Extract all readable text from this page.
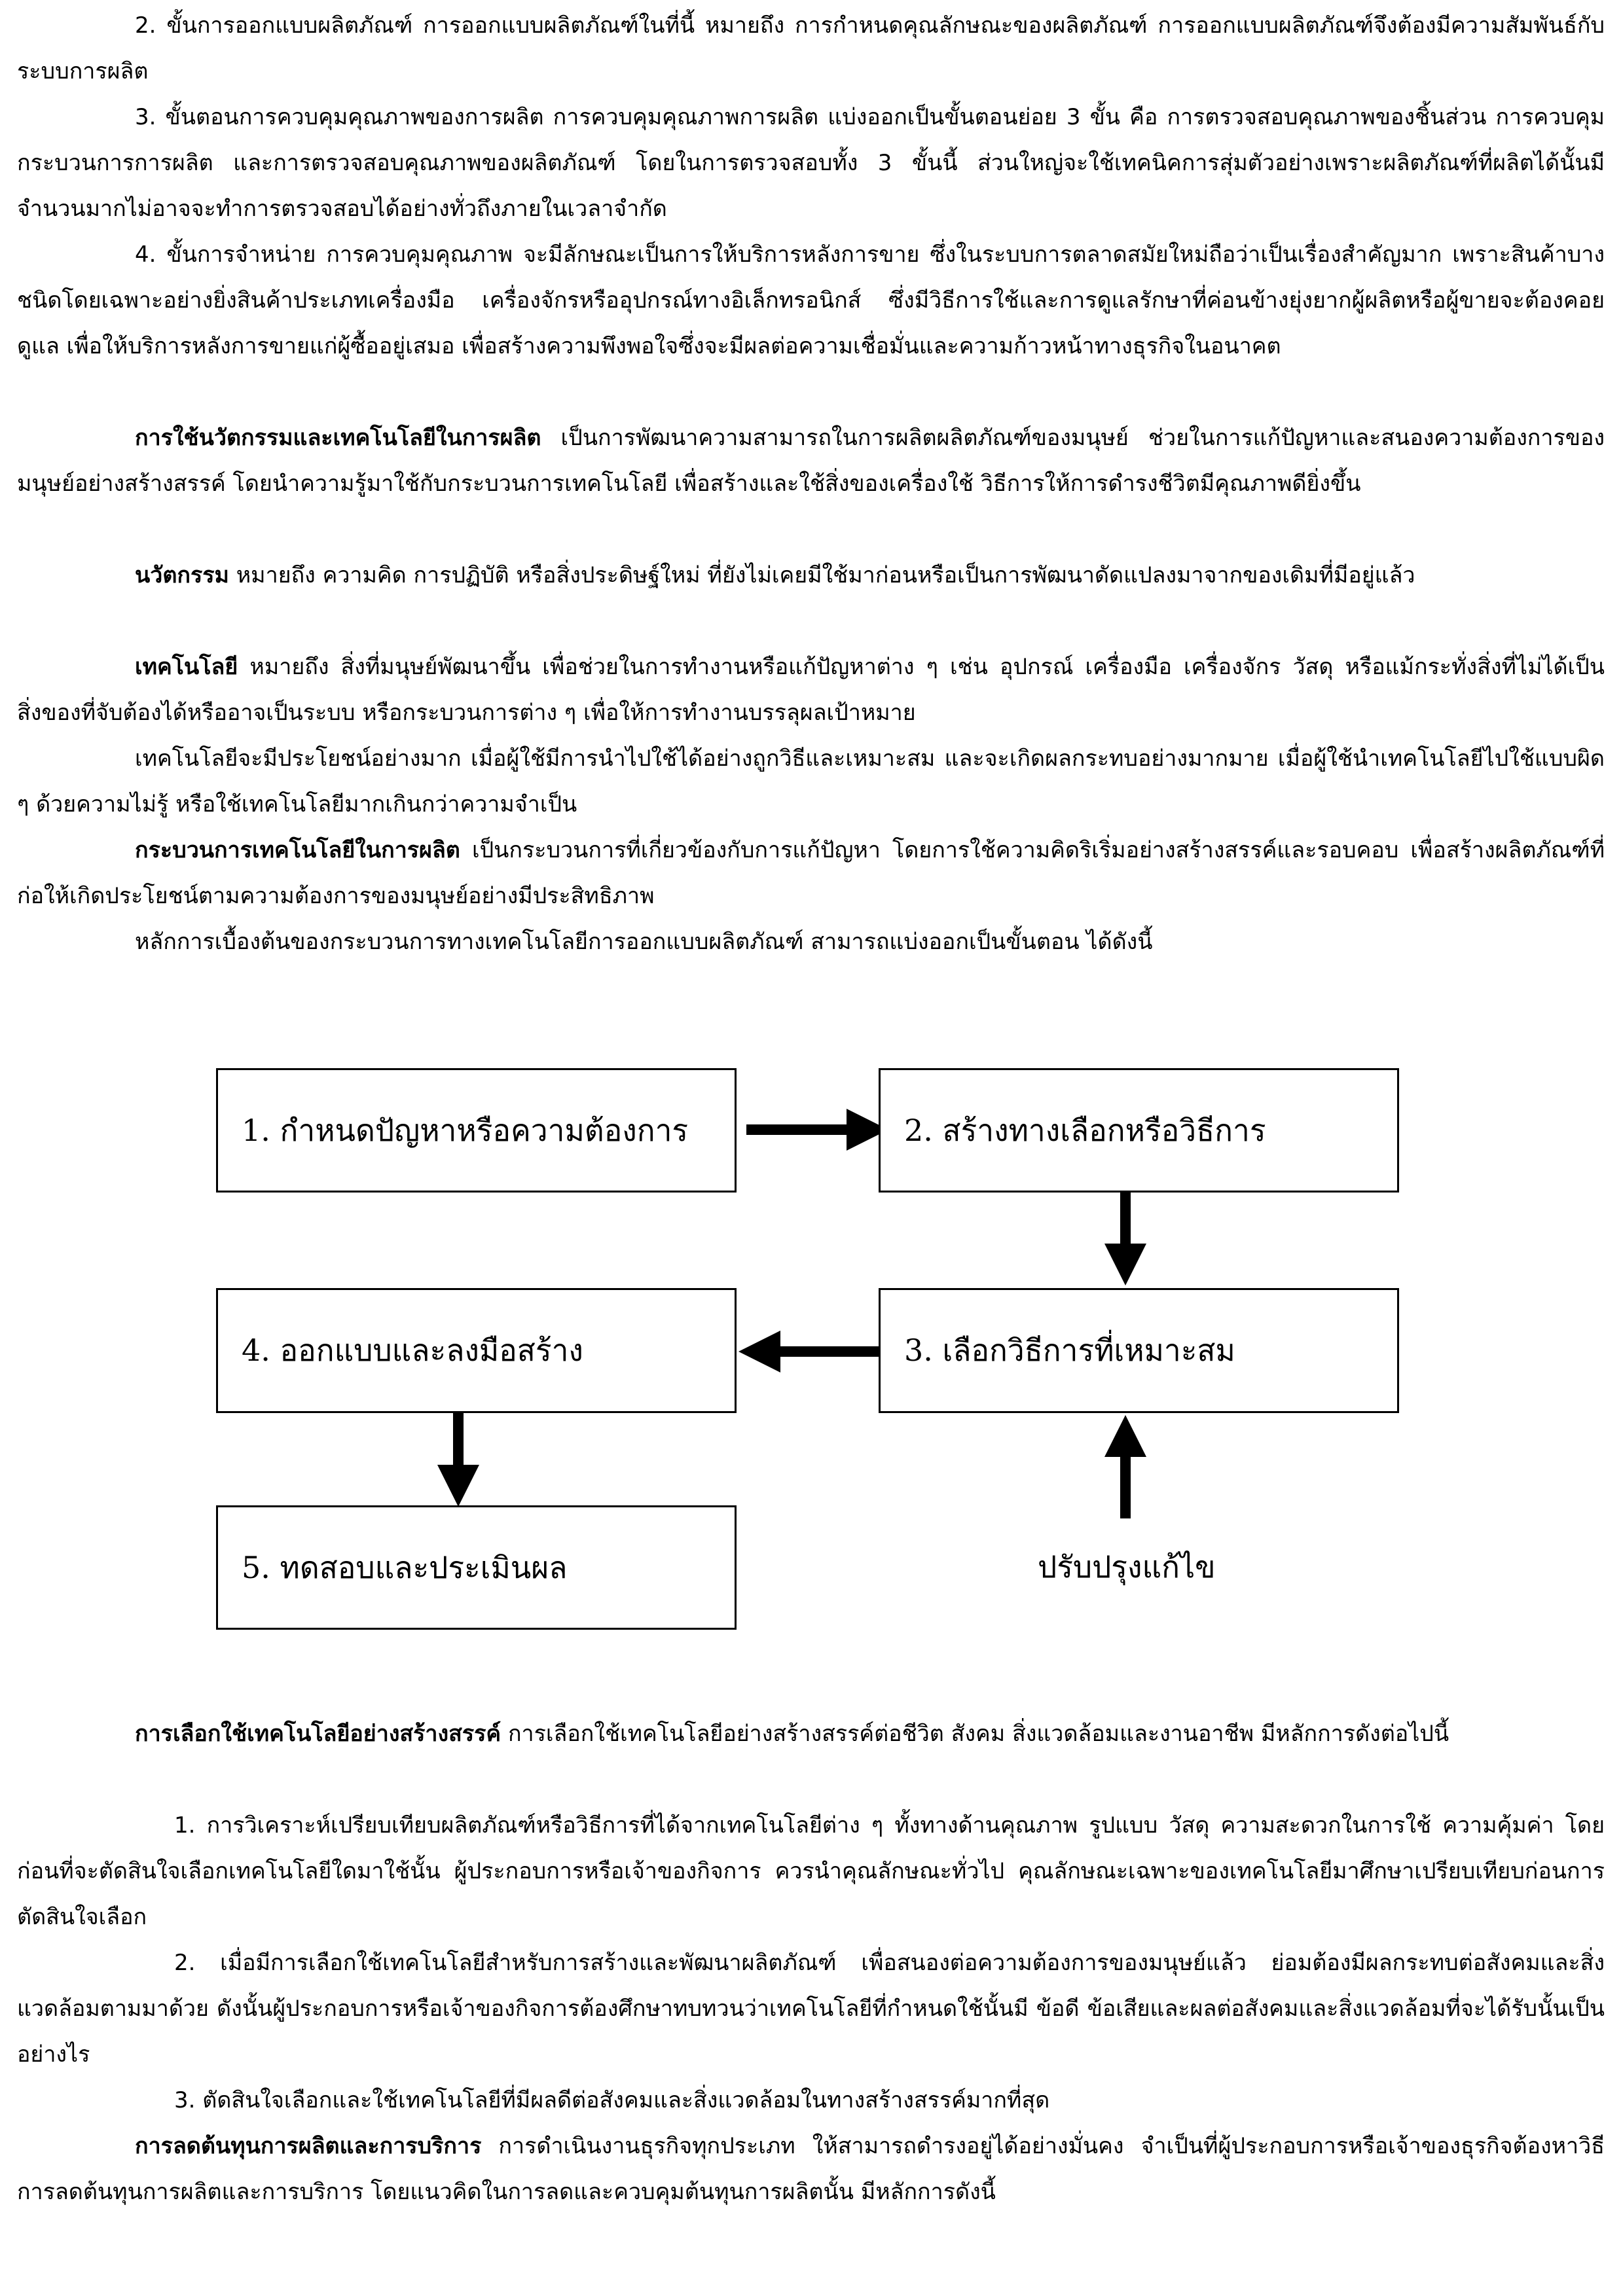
2. ขั้นการออกแบบผลิตภัณฑ์ การออกแบบผลิตภัณฑ์ในที่นี้ หมายถึง การกำหนดคุณลักษณะของผลิตภัณฑ์ การออกแบบผลิตภัณฑ์จึงต้องมีความสัมพันธ์กับระบบการผลิต

3. ขั้นตอนการควบคุมคุณภาพของการผลิต การควบคุมคุณภาพการผลิต แบ่งออกเป็นขั้นตอนย่อย 3 ขั้น คือ การตรวจสอบคุณภาพของชิ้นส่วน การควบคุมกระบวนการการผลิต และการตรวจสอบคุณภาพของผลิตภัณฑ์ โดยในการตรวจสอบทั้ง 3 ขั้นนี้ ส่วนใหญ่จะใช้เทคนิคการสุ่มตัวอย่างเพราะผลิตภัณฑ์ที่ผลิตได้นั้นมีจำนวนมากไม่อาจจะทำการตรวจสอบได้อย่างทั่วถึงภายในเวลาจำกัด

4. ขั้นการจำหน่าย การควบคุมคุณภาพ จะมีลักษณะเป็นการให้บริการหลังการขาย ซึ่งในระบบการตลาดสมัยใหม่ถือว่าเป็นเรื่องสำคัญมาก เพราะสินค้าบางชนิดโดยเฉพาะอย่างยิ่งสินค้าประเภทเครื่องมือ เครื่องจักรหรืออุปกรณ์ทางอิเล็กทรอนิกส์ ซึ่งมีวิธีการใช้และการดูแลรักษาที่ค่อนข้างยุ่งยากผู้ผลิตหรือผู้ขายจะต้องคอยดูแล เพื่อให้บริการหลังการขายแก่ผู้ซื้ออยู่เสมอ เพื่อสร้างความพึงพอใจซึ่งจะมีผลต่อความเชื่อมั่นและความก้าวหน้าทางธุรกิจในอนาคต

การใช้นวัตกรรมและเทคโนโลยีในการผลิต เป็นการพัฒนาความสามารถในการผลิตผลิตภัณฑ์ของมนุษย์ ช่วยในการแก้ปัญหาและสนองความต้องการของมนุษย์อย่างสร้างสรรค์ โดยนำความรู้มาใช้กับกระบวนการเทคโนโลยี เพื่อสร้างและใช้สิ่งของเครื่องใช้ วิธีการให้การดำรงชีวิตมีคุณภาพดียิ่งขึ้น

นวัตกรรม หมายถึง ความคิด การปฏิบัติ หรือสิ่งประดิษฐ์ใหม่ ที่ยังไม่เคยมีใช้มาก่อนหรือเป็นการพัฒนาดัดแปลงมาจากของเดิมที่มีอยู่แล้ว

เทคโนโลยี หมายถึง สิ่งที่มนุษย์พัฒนาขึ้น เพื่อช่วยในการทำงานหรือแก้ปัญหาต่าง ๆ เช่น อุปกรณ์ เครื่องมือ เครื่องจักร วัสดุ หรือแม้กระทั่งสิ่งที่ไม่ได้เป็นสิ่งของที่จับต้องได้หรืออาจเป็นระบบ หรือกระบวนการต่าง ๆ เพื่อให้การทำงานบรรลุผลเป้าหมาย

เทคโนโลยีจะมีประโยชน์อย่างมาก เมื่อผู้ใช้มีการนำไปใช้ได้อย่างถูกวิธีและเหมาะสม และจะเกิดผลกระทบอย่างมากมาย เมื่อผู้ใช้นำเทคโนโลยีไปใช้แบบผิด ๆ ด้วยความไม่รู้ หรือใช้เทคโนโลยีมากเกินกว่าความจำเป็น

กระบวนการเทคโนโลยีในการผลิต เป็นกระบวนการที่เกี่ยวข้องกับการแก้ปัญหา โดยการใช้ความคิดริเริ่มอย่างสร้างสรรค์และรอบคอบ เพื่อสร้างผลิตภัณฑ์ที่ก่อให้เกิดประโยชน์ตามความต้องการของมนุษย์อย่างมีประสิทธิภาพ

หลักการเบื้องต้นของกระบวนการทางเทคโนโลยีการออกแบบผลิตภัณฑ์ สามารถแบ่งออกเป็นขั้นตอน ได้ดังนี้

1. กำหนดปัญหาหรือความต้องการ	2. สร้างทางเลือกหรือวิธีการ
4. ออกแบบและลงมือสร้าง	3. เลือกวิธีการที่เหมาะสม
5. ทดสอบและประเมินผล	ปรับปรุงแก้ไข

การเลือกใช้เทคโนโลยีอย่างสร้างสรรค์ การเลือกใช้เทคโนโลยีอย่างสร้างสรรค์ต่อชีวิต สังคม สิ่งแวดล้อมและงานอาชีพ มีหลักการดังต่อไปนี้

1. การวิเคราะห์เปรียบเทียบผลิตภัณฑ์หรือวิธีการที่ได้จากเทคโนโลยีต่าง ๆ ทั้งทางด้านคุณภาพ รูปแบบ วัสดุ ความสะดวกในการใช้ ความคุ้มค่า โดยก่อนที่จะตัดสินใจเลือกเทคโนโลยีใดมาใช้นั้น ผู้ประกอบการหรือเจ้าของกิจการ ควรนำคุณลักษณะทั่วไป คุณลักษณะเฉพาะของเทคโนโลยีมาศึกษาเปรียบเทียบก่อนการตัดสินใจเลือก

2. เมื่อมีการเลือกใช้เทคโนโลยีสำหรับการสร้างและพัฒนาผลิตภัณฑ์ เพื่อสนองต่อความต้องการของมนุษย์แล้ว ย่อมต้องมีผลกระทบต่อสังคมและสิ่งแวดล้อมตามมาด้วย ดังนั้นผู้ประกอบการหรือเจ้าของกิจการต้องศึกษาทบทวนว่าเทคโนโลยีที่กำหนดใช้นั้นมี ข้อดี ข้อเสียและผลต่อสังคมและสิ่งแวดล้อมที่จะได้รับนั้นเป็นอย่างไร

3. ตัดสินใจเลือกและใช้เทคโนโลยีที่มีผลดีต่อสังคมและสิ่งแวดล้อมในทางสร้างสรรค์มากที่สุด

การลดต้นทุนการผลิตและการบริการ การดำเนินงานธุรกิจทุกประเภท ให้สามารถดำรงอยู่ได้อย่างมั่นคง จำเป็นที่ผู้ประกอบการหรือเจ้าของธุรกิจต้องหาวิธีการลดต้นทุนการผลิตและการบริการ โดยแนวคิดในการลดและควบคุมต้นทุนการผลิตนั้น มีหลักการดังนี้
